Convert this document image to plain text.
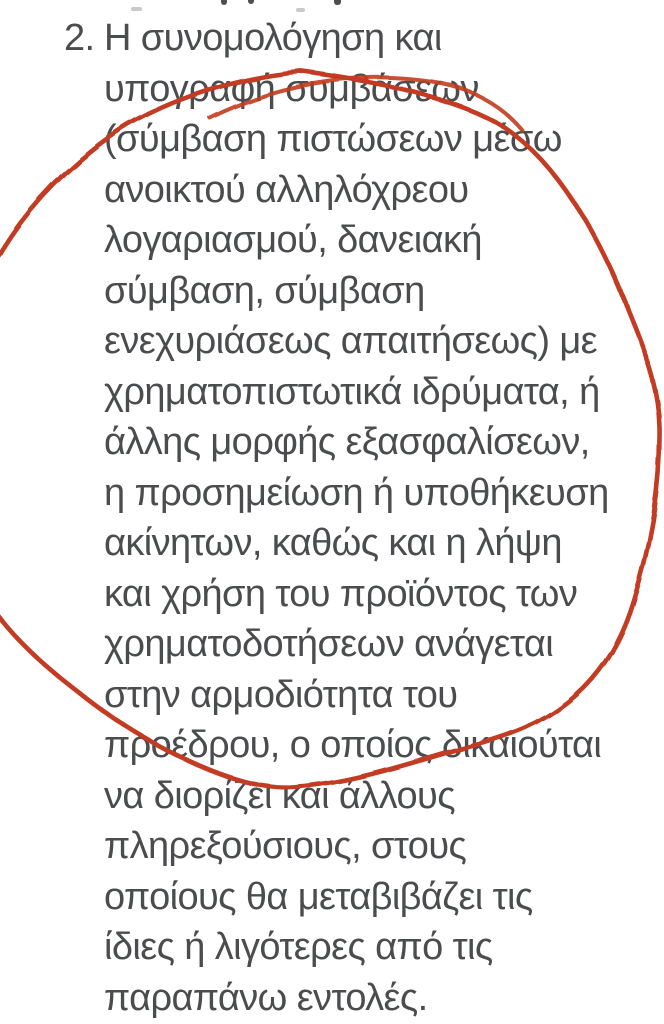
2. Η συνομολόγηση και
υπογραφή συμβάσεων
(σύμβαση πιστώσεων μέσω
ανοικτού αλληλόχρεου
λογαριασμού, δανειακή
σύμβαση, σύμβαση
ενεχυριάσεως απαιτήσεως) με
χρηματοπιστωτικά ιδρύματα, ή
άλλης μορφής εξασφαλίσεων,
η προσημείωση ή υποθήκευση
ακίνητων, καθώς και η λήψη
και χρήση του προϊόντος των
χρηματοδοτήσεων ανάγεται
στην αρμοδιότητα του
προέδρου, ο οποίος δικαιούται
να διορίζει και άλλους
πληρεξούσιους, στους
οποίους θα μεταβιβάζει τις
ίδιες ή λιγότερες από τις
παραπάνω εντολές.
